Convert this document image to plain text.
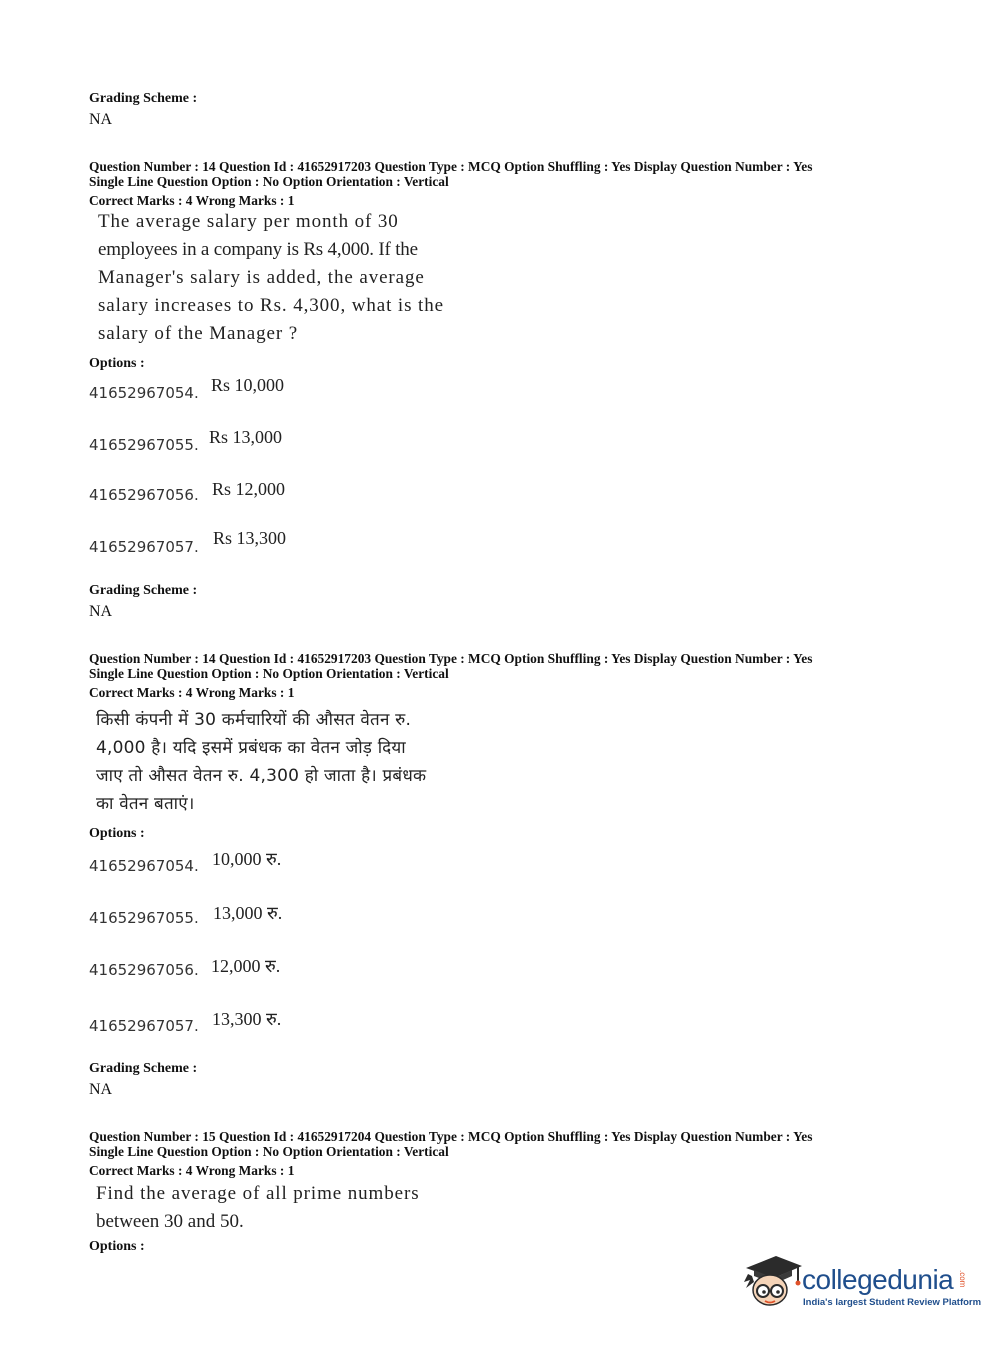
Grading Scheme :
NA
Question Number : 14 Question Id : 41652917203 Question Type : MCQ Option Shuffling : Yes Display Question Number : Yes
Single Line Question Option : No Option Orientation : Vertical
Correct Marks : 4 Wrong Marks : 1
The average salary per month of 30
employees in a company is Rs 4,000. If the
Manager's salary is added, the average
salary increases to Rs. 4,300, what is the
salary of the Manager ?
Options :
41652967054. Rs 10,000
41652967055. Rs 13,000
41652967056. Rs 12,000
41652967057. Rs 13,300
Grading Scheme :
NA
Question Number : 14 Question Id : 41652917203 Question Type : MCQ Option Shuffling : Yes Display Question Number : Yes
Single Line Question Option : No Option Orientation : Vertical
Correct Marks : 4 Wrong Marks : 1
किसी कंपनी में 30 कर्मचारियों की औसत वेतन रु.
4,000 है। यदि इसमें प्रबंधक का वेतन जोड़ दिया
जाए तो औसत वेतन रु. 4,300 हो जाता है। प्रबंधक
का वेतन बताएं।
Options :
41652967054. 10,000 रु.
41652967055. 13,000 रु.
41652967056. 12,000 रु.
41652967057. 13,300 रु.
Grading Scheme :
NA
Question Number : 15 Question Id : 41652917204 Question Type : MCQ Option Shuffling : Yes Display Question Number : Yes
Single Line Question Option : No Option Orientation : Vertical
Correct Marks : 4 Wrong Marks : 1
Find the average of all prime numbers
between 30 and 50.
Options :
collegedunia .com
India's largest Student Review Platform
